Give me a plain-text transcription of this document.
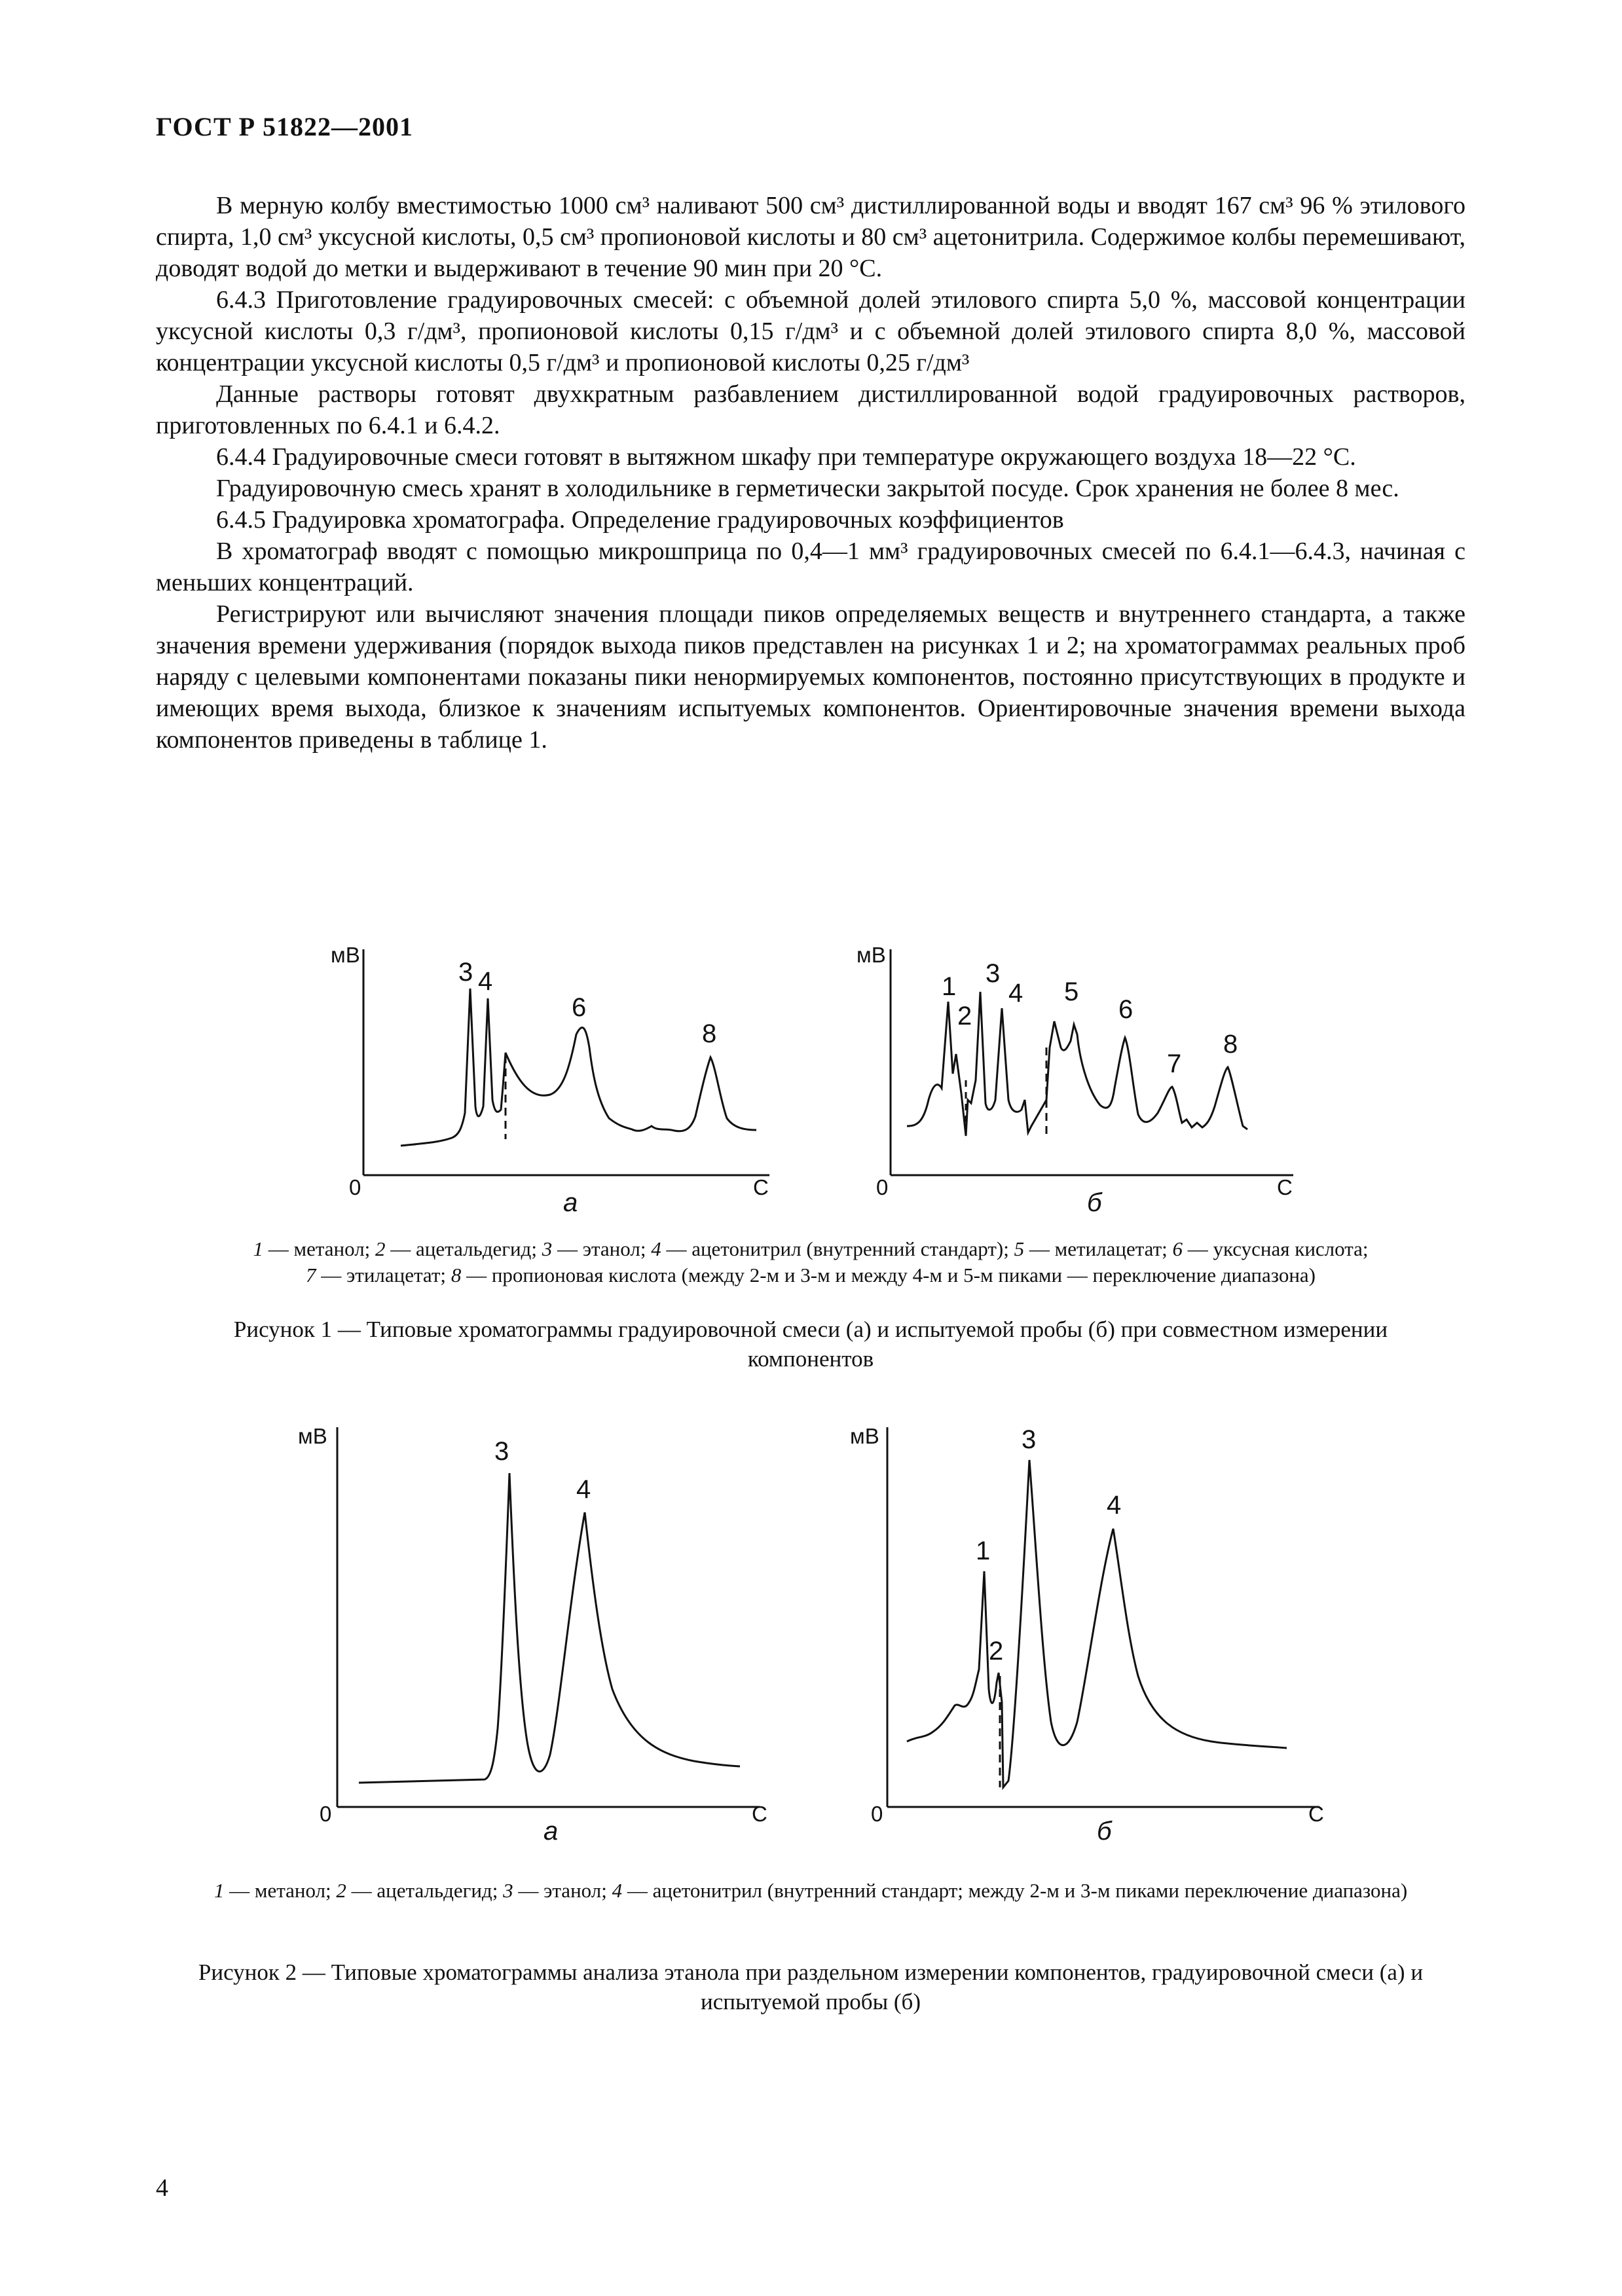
ГОСТ Р 51822—2001

В мерную колбу вместимостью 1000 см³ наливают 500 см³ дистиллированной воды и вводят 167 см³ 96 % этилового спирта, 1,0 см³ уксусной кислоты, 0,5 см³ пропионовой кислоты и 80 см³ ацетонитрила. Содержимое колбы перемешивают, доводят водой до метки и выдерживают в течение 90 мин при 20 °С.

6.4.3 Приготовление градуировочных смесей: с объемной долей этилового спирта 5,0 %, массовой концентрации уксусной кислоты 0,3 г/дм³, пропионовой кислоты 0,15 г/дм³ и с объемной долей этилового спирта 8,0 %, массовой концентрации уксусной кислоты 0,5 г/дм³ и пропионовой кислоты 0,25 г/дм³

Данные растворы готовят двухкратным разбавлением дистиллированной водой градуировочных растворов, приготовленных по 6.4.1 и 6.4.2.

6.4.4 Градуировочные смеси готовят в вытяжном шкафу при температуре окружающего воздуха 18—22 °С.

Градуировочную смесь хранят в холодильнике в герметически закрытой посуде. Срок хранения не более 8 мес.

6.4.5 Градуировка хроматографа. Определение градуировочных коэффициентов

В хроматограф вводят с помощью микрошприца по 0,4—1 мм³ градуировочных смесей по 6.4.1—6.4.3, начиная с меньших концентраций.

Регистрируют или вычисляют значения площади пиков определяемых веществ и внутреннего стандарта, а также значения времени удерживания (порядок выхода пиков представлен на рисунках 1 и 2; на хроматограммах реальных проб наряду с целевыми компонентами показаны пики ненормируемых компонентов, постоянно присутствующих в продукте и имеющих время выхода, близкое к значениям испытуемых компонентов. Ориентировочные значения времени выхода компонентов приведены в таблице 1.

мВ
0	С
3 4
6
8
а
мВ
0	С
1
2
3
4 5
6
7
8
б
1 — метанол; 2 — ацетальдегид; 3 — этанол; 4 — ацетонитрил (внутренний стандарт); 5 — метилацетат; 6 — уксусная кислота;
7 — этилацетат; 8 — пропионовая кислота (между 2-м и 3-м и между 4-м и 5-м пиками — переключение диапазона)
Рисунок 1 — Типовые хроматограммы градуировочной смеси (а) и испытуемой пробы (б) при совместном измерении компонентов
мВ
0	С
3
4
а
мВ
0	С
1
2
3
4
б
1 — метанол; 2 — ацетальдегид; 3 — этанол; 4 — ацетонитрил (внутренний стандарт; между 2-м и 3-м пиками переключение диапазона)
Рисунок 2 — Типовые хроматограммы анализа этанола при раздельном измерении компонентов, градуировочной смеси (а) и испытуемой пробы (б)
4
